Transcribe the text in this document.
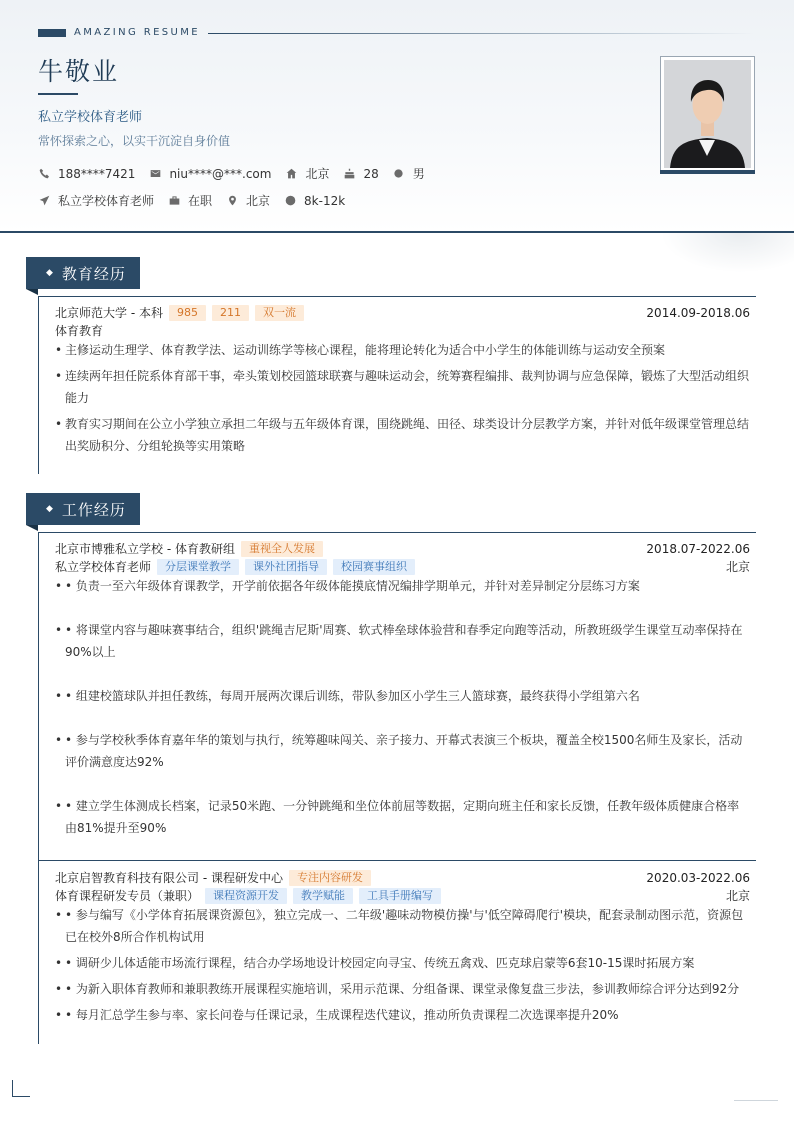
AMAZING RESUME
牛敬业
私立学校体育老师
常怀探索之心，以实干沉淀自身价值
188****7421	niu****@***.com	北京	28	男
私立学校体育老师	在职	北京	8k-12k
◆ 教育经历
北京师范大学 - 本科	985	211	双一流	2014.09-2018.06
体育教育
• 主修运动生理学、体育教学法、运动训练学等核心课程，能将理论转化为适合中小学生的体能训练与运动安全预案
• 连续两年担任院系体育部干事，牵头策划校园篮球联赛与趣味运动会，统筹赛程编排、裁判协调与应急保障，锻炼了大型活动组织能力
• 教育实习期间在公立小学独立承担二年级与五年级体育课，围绕跳绳、田径、球类设计分层教学方案，并针对低年级课堂管理总结出奖励积分、分组轮换等实用策略
◆ 工作经历
北京市博雅私立学校 - 体育教研组	重视全人发展	2018.07-2022.06
私立学校体育老师	分层课堂教学	课外社团指导	校园赛事组织	北京
• • 负责一至六年级体育课教学，开学前依据各年级体能摸底情况编排学期单元，并针对差异制定分层练习方案
• • 将课堂内容与趣味赛事结合，组织'跳绳吉尼斯'周赛、软式棒垒球体验营和春季定向跑等活动，所教班级学生课堂互动率保持在90%以上
• • 组建校篮球队并担任教练，每周开展两次课后训练，带队参加区小学生三人篮球赛，最终获得小学组第六名
• • 参与学校秋季体育嘉年华的策划与执行，统筹趣味闯关、亲子接力、开幕式表演三个板块，覆盖全校1500名师生及家长，活动评价满意度达92%
• • 建立学生体测成长档案，记录50米跑、一分钟跳绳和坐位体前屈等数据，定期向班主任和家长反馈，任教年级体质健康合格率由81%提升至90%
北京启智教育科技有限公司 - 课程研发中心	专注内容研发	2020.03-2022.06
体育课程研发专员（兼职）	课程资源开发	教学赋能	工具手册编写	北京
• • 参与编写《小学体育拓展课资源包》，独立完成一、二年级'趣味动物模仿操'与'低空障碍爬行'模块，配套录制动图示范，资源包已在校外8所合作机构试用
• • 调研少儿体适能市场流行课程，结合办学场地设计校园定向寻宝、传统五禽戏、匹克球启蒙等6套10-15课时拓展方案
• • 为新入职体育教师和兼职教练开展课程实施培训，采用示范课、分组备课、课堂录像复盘三步法，参训教师综合评分达到92分
• • 每月汇总学生参与率、家长问卷与任课记录，生成课程迭代建议，推动所负责课程二次选课率提升20%
